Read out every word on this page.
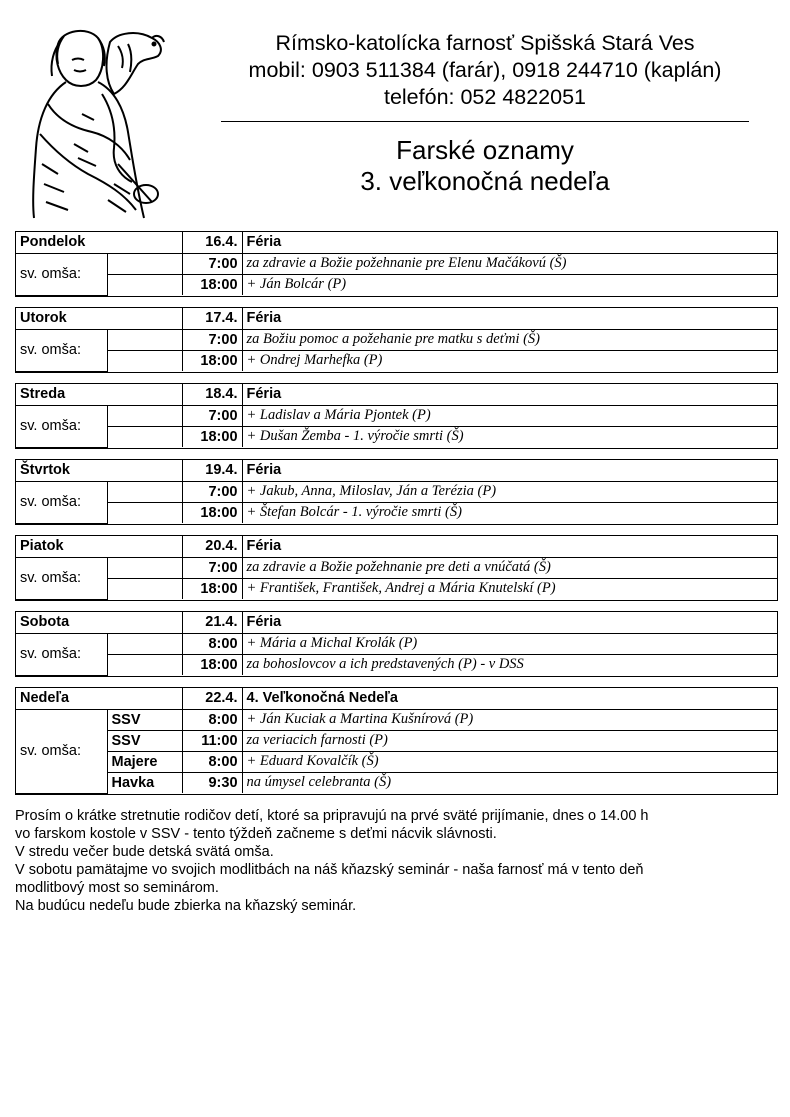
Rímsko-katolícka farnosť Spišská Stará Ves
mobil: 0903 511384 (farár), 0918 244710 (kaplán)
telefón: 052 4822051
Farské oznamy
3. veľkonočná nedeľa
Pondelok		16.4.	Féria
sv. omša:		7:00	za zdravie a Božie požehnanie pre Elenu Mačákovú (Š)
		18:00	+ Ján Bolcár (P)
Utorok		17.4.	Féria
sv. omša:		7:00	za Božiu pomoc a požehanie pre matku s deťmi (Š)
		18:00	+ Ondrej Marhefka (P)
Streda		18.4.	Féria
sv. omša:		7:00	+ Ladislav a Mária Pjontek (P)
		18:00	+ Dušan Žemba - 1. výročie smrti (Š)
Štvrtok		19.4.	Féria
sv. omša:		7:00	+ Jakub, Anna, Miloslav, Ján a Terézia (P)
		18:00	+ Štefan Bolcár - 1. výročie smrti (Š)
Piatok		20.4.	Féria
sv. omša:		7:00	za zdravie a Božie požehnanie pre deti a vnúčatá (Š)
		18:00	+ František, František, Andrej a Mária Knutelskí (P)
Sobota		21.4.	Féria
sv. omša:		8:00	+ Mária a Michal Krolák (P)
		18:00	za bohoslovcov a ich predstavených (P) - v DSS
Nedeľa		22.4.	4. Veľkonočná Nedeľa
sv. omša:	SSV	8:00	+ Ján Kuciak a Martina Kušnírová (P)
	SSV	11:00	za veriacich farnosti (P)
	Majere	8:00	+ Eduard Kovalčík (Š)
	Havka	9:30	na úmysel celebranta (Š)

Prosím o krátke stretnutie rodičov detí, ktoré sa pripravujú na prvé sväté prijímanie, dnes o 14.00 h

vo farskom kostole v SSV - tento týždeň začneme s deťmi nácvik slávnosti.

V stredu večer bude detská svätá omša.

V sobotu pamätajme vo svojich modlitbách na náš kňazský seminár - naša farnosť má v tento deň

modlitbový most so seminárom.

Na budúcu nedeľu bude zbierka na kňazský seminár.
